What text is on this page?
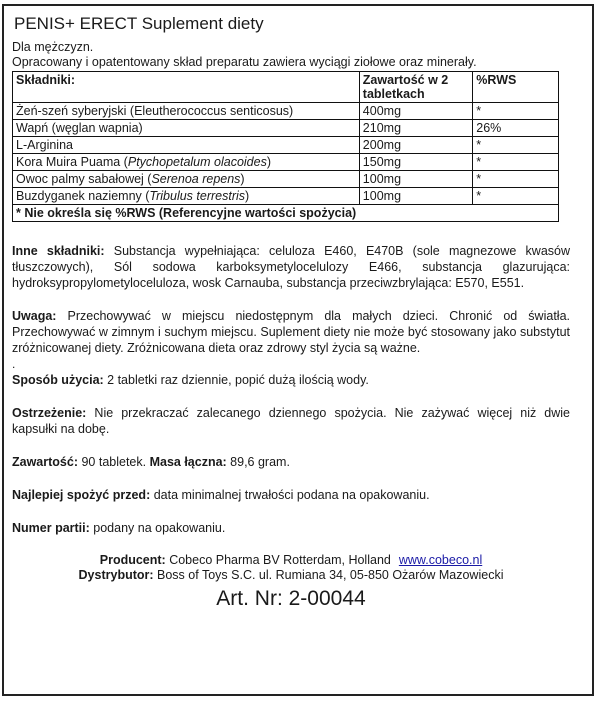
PENIS+ ERECT Suplement diety
Dla mężczyzn.
Opracowany i opatentowany skład preparatu zawiera wyciągi ziołowe oraz minerały.
Składniki:	Zawartość w 2 tabletkach	%RWS
Żeń-szeń syberyjski (Eleutherococcus senticosus)	400mg	*
Wapń (węglan wapnia)	210mg	26%
L-Arginina	200mg	*
Kora Muira Puama (Ptychopetalum olacoides)	150mg	*
Owoc palmy sabałowej (Serenoa repens)	100mg	*
Buzdyganek naziemny (Tribulus terrestris)	100mg	*
* Nie określa się %RWS (Referencyjne wartości spożycia)		
Inne składniki: Substancja wypełniająca: celuloza E460, E470B (sole magnezowe kwasów tłuszczowych), Sól sodowa karboksymetylocelulozy E466, substancja glazurująca: hydroksypropylometyloceluloza, wosk Carnauba, substancja przeciwzbrylająca: E570, E551.
Uwaga: Przechowywać w miejscu niedostępnym dla małych dzieci. Chronić od światła. Przechowywać w zimnym i suchym miejscu. Suplement diety nie może być stosowany jako substytut zróżnicowanej diety. Zróżnicowana dieta oraz zdrowy styl życia są ważne.
.
Sposób użycia: 2 tabletki raz dziennie, popić dużą ilością wody.
Ostrzeżenie: Nie przekraczać zalecanego dziennego spożycia. Nie zażywać więcej niż dwie kapsułki na dobę.
Zawartość: 90 tabletek. Masa łączna: 89,6 gram.
Najlepiej spożyć przed: data minimalnej trwałości podana na opakowaniu.
Numer partii: podany na opakowaniu.
Producent: Cobeco Pharma BV Rotterdam, Holland www.cobeco.nl
Dystrybutor: Boss of Toys S.C. ul. Rumiana 34, 05-850 Ożarów Mazowiecki
Art. Nr: 2-00044
